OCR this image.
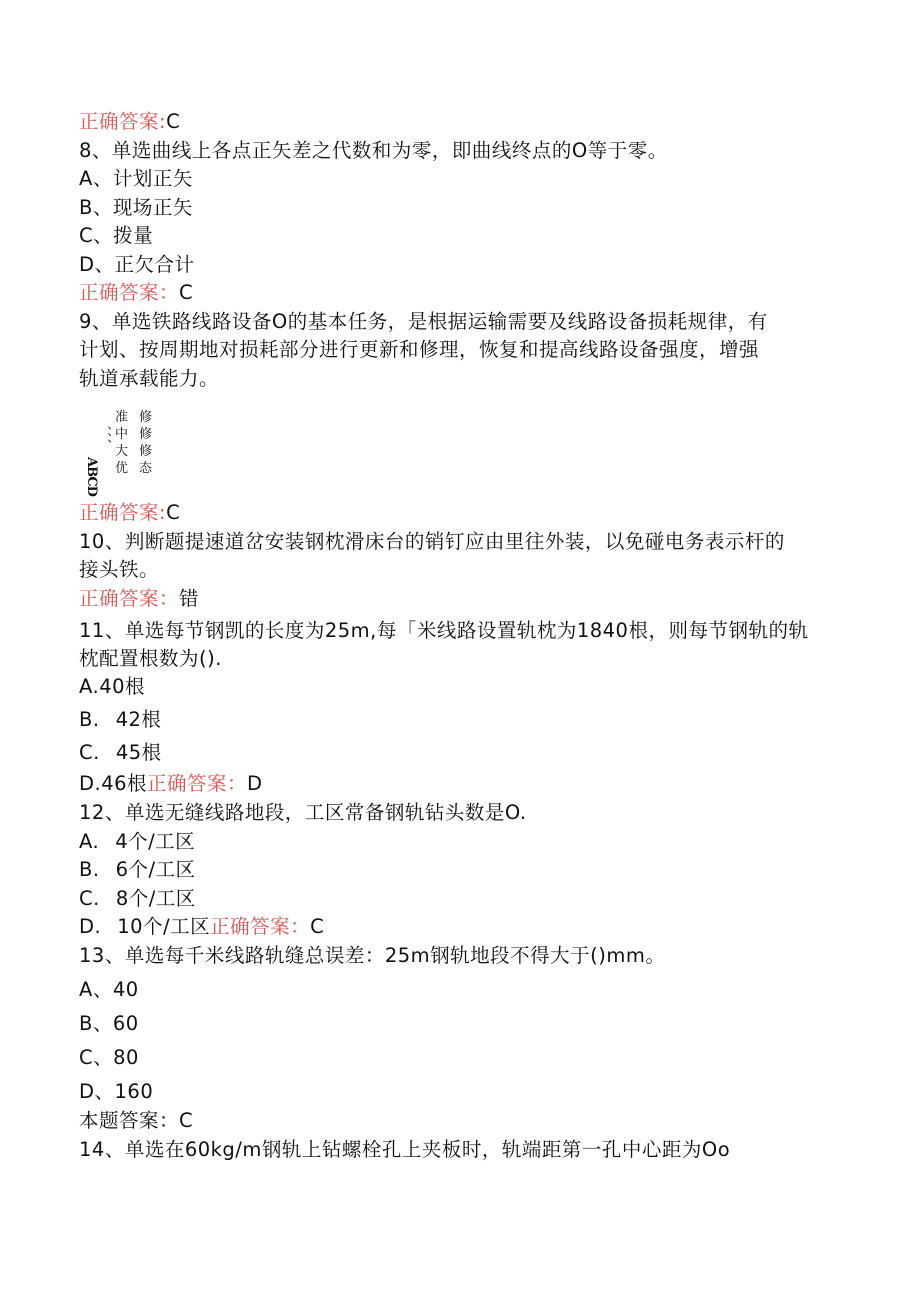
正确答案:C
8、单选曲线上各点正矢差之代数和为零，即曲线终点的O等于零。
A、计划正矢
B、现场正矢
C、拨量
D、正欠合计
正确答案：C
9、单选铁路线路设备O的基本任务，是根据运输需要及线路设备损耗规律，有
计划、按周期地对损耗部分进行更新和修理，恢复和提高线路设备强度，增强
轨道承载能力。
准
中
大
优
修
修
修
态
、、、
ABCD
正确答案:C
10、判断题提速道岔安装钢枕滑床台的销钉应由里往外装，以免碰电务表示杆的
接头铁。
正确答案：错
11、单选每节钢凯的长度为25m,每「米线路设置轨枕为1840根，则每节钢轨的轨
枕配置根数为().
A.40根
B. 42根
C. 45根
D.46根正确答案：D
12、单选无缝线路地段，工区常备钢轨钻头数是O.
A. 4个/工区
B. 6个/工区
C. 8个/工区
D. 10个/工区正确答案：C
13、单选每千米线路轨缝总误差：25m钢轨地段不得大于()mm。
A、40
B、60
C、80
D、160
本题答案：C
14、单选在60kg/m钢轨上钻螺栓孔上夹板时，轨端距第一孔中心距为Oo
